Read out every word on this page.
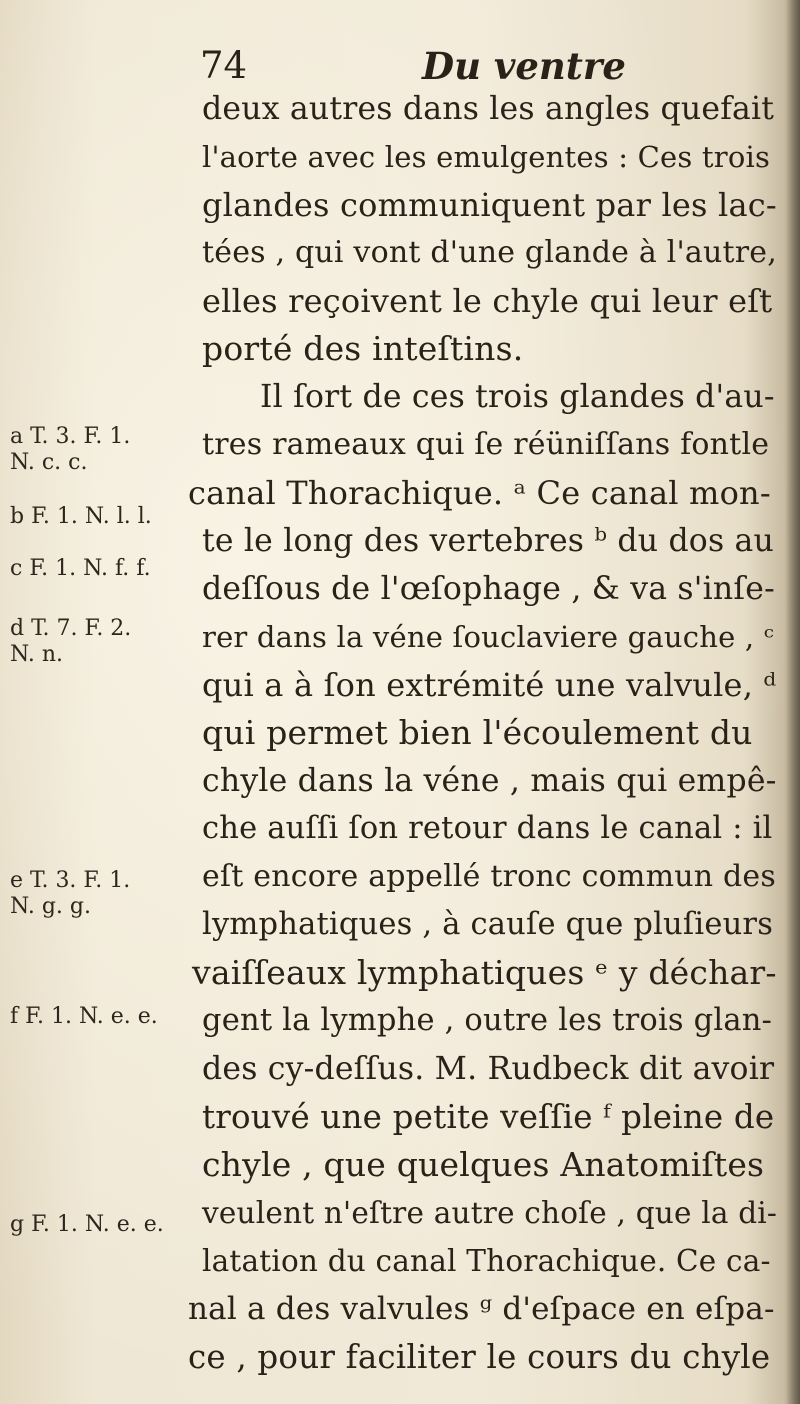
74	Du ventre
deux autres dans les angles quefait
l'aorte avec les emulgentes : Ces trois
glandes communiquent par les lac-
tées , qui vont d'une glande à l'autre,
elles reçoivent le chyle qui leur eſt
porté des inteſtins.
Il ſort de ces trois glandes d'au-
tres rameaux qui ſe réüniſſans fontle
canal Thorachique. ᵃ Ce canal mon-
te le long des vertebres ᵇ du dos au
deſſous de l'œſophage , & va s'inſe-
rer dans la véne ſouclaviere gauche , ᶜ
qui a à ſon extrémité une valvule, ᵈ
qui permet bien l'écoulement du
chyle dans la véne , mais qui empê-
che auſſi ſon retour dans le canal : il
eſt encore appellé tronc commun des
lymphatiques , à cauſe que pluſieurs
vaiſſeaux lymphatiques ᵉ y déchar-
gent la lymphe , outre les trois glan-
des cy-deſſus. M. Rudbeck dit avoir
trouvé une petite veſſie ᶠ pleine de
chyle , que quelques Anatomiſtes
veulent n'eſtre autre choſe , que la di-
latation du canal Thorachique. Ce ca-
nal a des valvules ᵍ d'eſpace en eſpa-
ce , pour faciliter le cours du chyle
a T. 3. F. 1.
N. c. c.
b F. 1. N. l. l.
c F. 1. N. f. f.
d T. 7. F. 2.
N. n.
e T. 3. F. 1.
N. g. g.
f F. 1. N. e. e.
g F. 1. N. e. e.
